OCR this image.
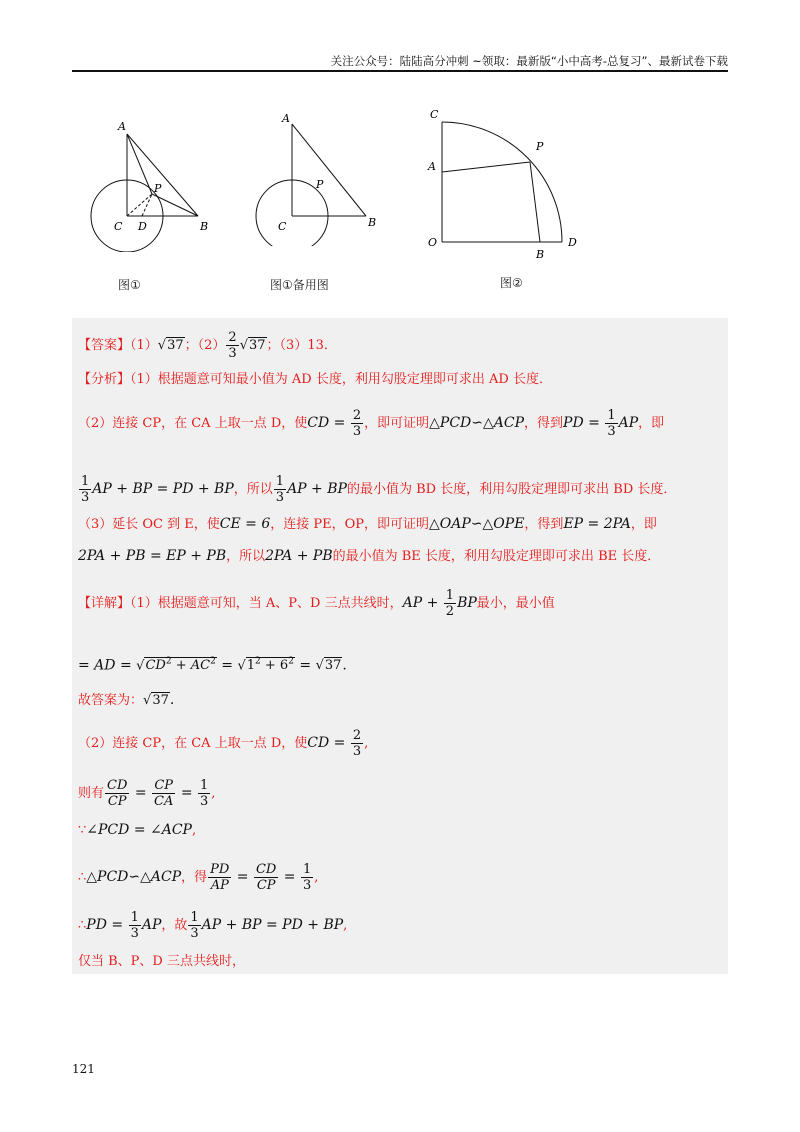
关注公众号：陆陆高分冲刺 ~领取：最新版“小中高考-总复习”、最新试卷下载
A
P
C D	B
图①
A
P
C	B
图①备用图
C
P
A
O
B
D
图②
【答案】（1）√37；$(2) \frac{2}{3} √37$；（3）13．
【分析】（1）根据题意可知最小值为 AD 长度，利用勾股定理即可求出 AD 长度．
（2）连接 CP，在 CA 上取一点 D，使CD = $\frac{2}{3}$ ，即可证明△PCD∽△ACP，得到PD = $\frac{1}{3}$ AP，即
$\frac{1}{3}$ AP + BP = PD + BP，所以 $\frac{1}{3}$ AP + BP的最小值为 BD 长度，利用勾股定理即可求出 BD 长度．
（3）延长 OC 到 E，使CE = 6，连接 PE，OP，即可证明△OAP∽△OPE，得到EP = 2PA，即
2PA + PB = EP + PB，所以2PA + PB的最小值为 BE 长度，利用勾股定理即可求出 BE 长度．
【详解】（1）根据题意可知，当 A、P、D 三点共线时，AP + $\frac{1}{2}$ BP最小，最小值
= AD = $√CD^2 + AC^2 = √1^2 + 6^2 = √37$.
故答案为：√37.
（2）连接 CP，在 CA 上取一点 D，使CD = $\frac{2}{3}$ ,
则有 $\frac{CD}{CP} = \frac{CP}{CA} = \frac{1}{3}$ ,
∵∠PCD = ∠ACP,
∴△PCD∽△ACP，得 $\frac{PD}{AP} = \frac{CD}{CP} = \frac{1}{3}$ ,
∴PD = $\frac{1}{3}$ AP，故 $\frac{1}{3}$ AP + BP = PD + BP,
仅当 B、P、D 三点共线时，
121
